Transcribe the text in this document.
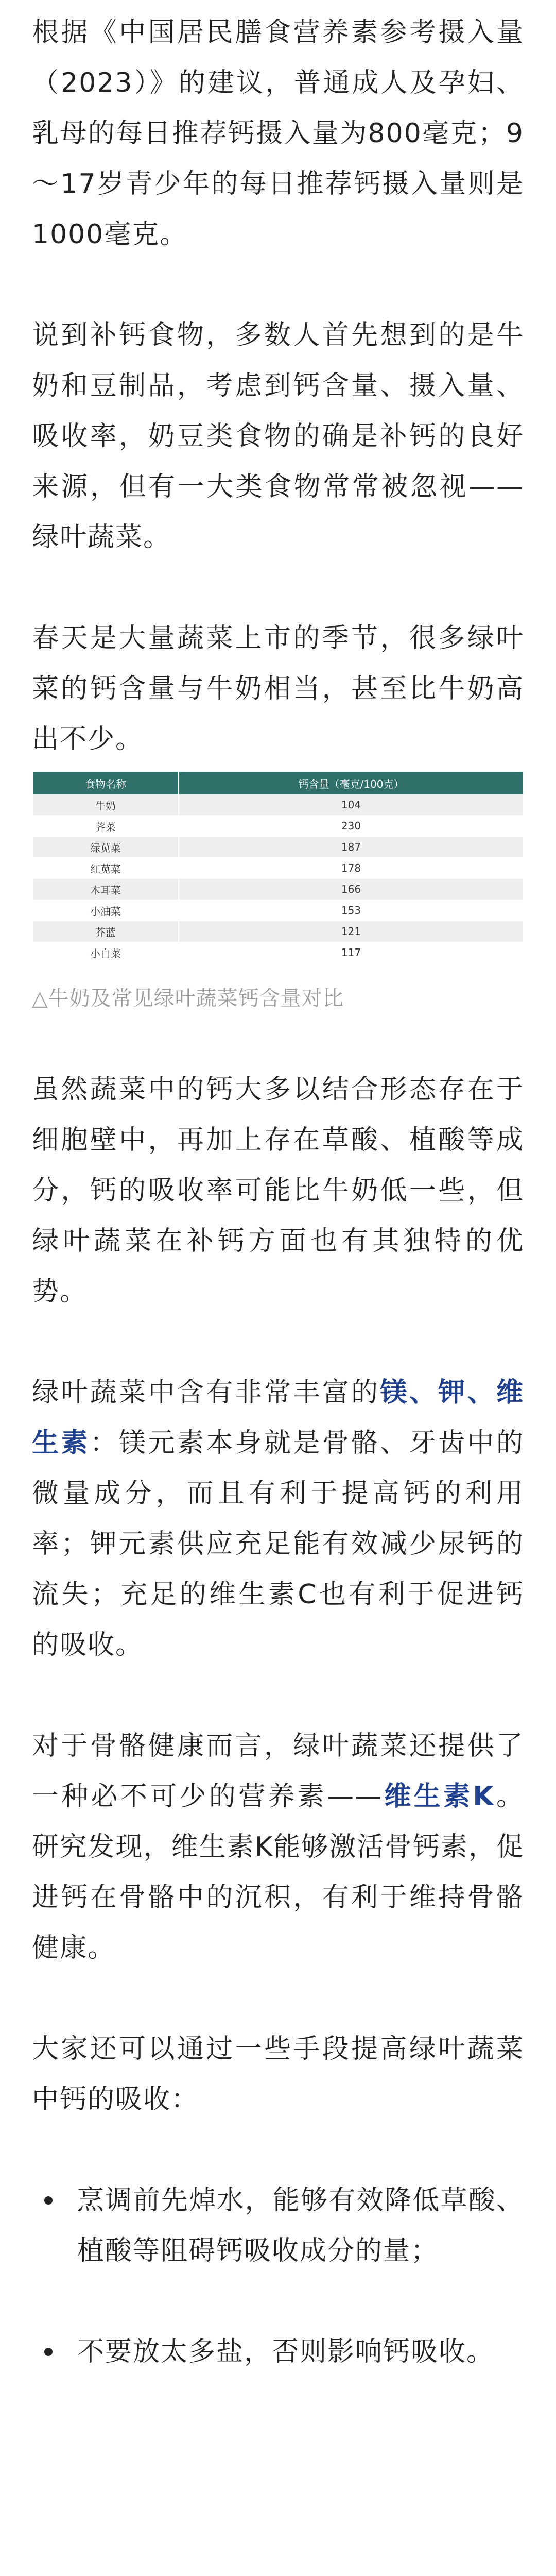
根据《中国居民膳食营养素参考摄入量（2023）》的建议，普通成人及孕妇、乳母的每日推荐钙摄入量为800毫克；9～17岁青少年的每日推荐钙摄入量则是1000毫克。

说到补钙食物，多数人首先想到的是牛奶和豆制品，考虑到钙含量、摄入量、吸收率，奶豆类食物的确是补钙的良好来源，但有一大类食物常常被忽视——绿叶蔬菜。

春天是大量蔬菜上市的季节，很多绿叶菜的钙含量与牛奶相当，甚至比牛奶高出不少。

食物名称	钙含量（毫克/100克）
牛奶	104
荠菜	230
绿苋菜	187
红苋菜	178
木耳菜	166
小油菜	153
芥蓝	121
小白菜	117
△牛奶及常见绿叶蔬菜钙含量对比

虽然蔬菜中的钙大多以结合形态存在于细胞壁中，再加上存在草酸、植酸等成分，钙的吸收率可能比牛奶低一些，但绿叶蔬菜在补钙方面也有其独特的优势。

绿叶蔬菜中含有非常丰富的镁、钾、维生素：镁元素本身就是骨骼、牙齿中的微量成分，而且有利于提高钙的利用率；钾元素供应充足能有效减少尿钙的流失；充足的维生素C也有利于促进钙的吸收。

对于骨骼健康而言，绿叶蔬菜还提供了一种必不可少的营养素——维生素K。研究发现，维生素K能够激活骨钙素，促进钙在骨骼中的沉积，有利于维持骨骼健康。

大家还可以通过一些手段提高绿叶蔬菜中钙的吸收：

烹调前先焯水，能够有效降低草酸、植酸等阻碍钙吸收成分的量；
不要放太多盐，否则影响钙吸收。
